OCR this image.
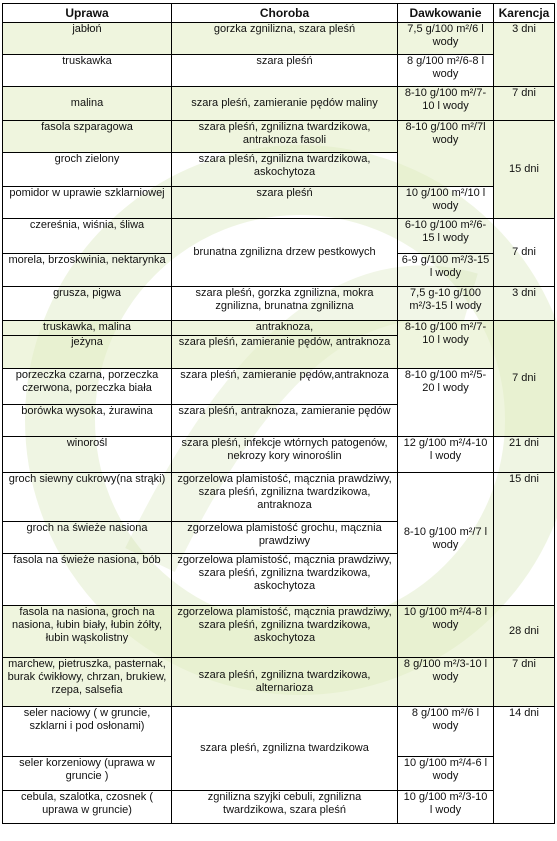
Uprawa	Choroba	Dawkowanie	Karencja
jabłoń	gorzka zgnilizna, szara pleśń	7,5 g/100 m²/6 l wody	3 dni
truskawka	szara pleśń	8 g/100 m²/6-8 l wody	
malina	szara pleśń, zamieranie pędów maliny	8-10 g/100 m²/7-10 l wody	7 dni
fasola szparagowa	szara pleśń, zgnilizna twardzikowa, antraknoza fasoli	8-10 g/100 m²/7l wody	15 dni
groch zielony	szara pleśń, zgnilizna twardzikowa, askochytoza		
pomidor w uprawie szklarniowej	szara pleśń	10 g/100 m²/10 l wody	
czereśnia, wiśnia, śliwa	brunatna zgnilizna drzew pestkowych	6-10 g/100 m²/6-15 l wody	7 dni
morela, brzoskwinia, nektarynka		6-9 g/100 m²/3-15 l wody	
grusza, pigwa	szara pleśń, gorzka zgnilizna, mokra zgnilizna, brunatna zgnilizna	7,5 g-10 g/100 m²/3-15 l wody	3 dni
truskawka, malina	antraknoza,	8-10 g/100 m²/7-10 l wody	7 dni
jeżyna	szara pleśń, zamieranie pędów, antraknoza		
porzeczka czarna, porzeczka czerwona, porzeczka biała	szara pleśń, zamieranie pędów,antraknoza	8-10 g/100 m²/5-20 l wody	
borówka wysoka, żurawina	szara pleśń, antraknoza, zamieranie pędów		
winorośl	szara pleśń, infekcje wtórnych patogenów, nekrozy kory winoroślin	12 g/100 m²/4-10 l wody	21 dni
groch siewny cukrowy(na strąki)	zgorzelowa plamistość, mącznia prawdziwy, szara pleśń, zgnilizna twardzikowa, antraknoza	8-10 g/100 m²/7 l wody	15 dni
groch na świeże nasiona	zgorzelowa plamistość grochu, mącznia prawdziwy		
fasola na świeże nasiona, bób	zgorzelowa plamistość, mącznia prawdziwy, szara pleśń, zgnilizna twardzikowa, askochytoza		
fasola na nasiona, groch na nasiona, łubin biały, łubin żółty, łubin wąskolistny	zgorzelowa plamistość, mącznia prawdziwy, szara pleśń, zgnilizna twardzikowa, askochytoza	10 g/100 m²/4-8 l wody	28 dni
marchew, pietruszka, pasternak, burak ćwikłowy, chrzan, brukiew, rzepa, salsefia	szara pleśń, zgnilizna twardzikowa, alternarioza	8 g/100 m²/3-10 l wody	7 dni
seler naciowy ( w gruncie, szklarni i pod osłonami)	szara pleśń, zgnilizna twardzikowa	8 g/100 m²/6 l wody	14 dni
seler korzeniowy (uprawa w gruncie )		10 g/100 m²/4-6 l wody	
cebula, szalotka, czosnek ( uprawa w gruncie)	zgnilizna szyjki cebuli, zgnilizna twardzikowa, szara pleśń	10 g/100 m²/3-10 l wody	
